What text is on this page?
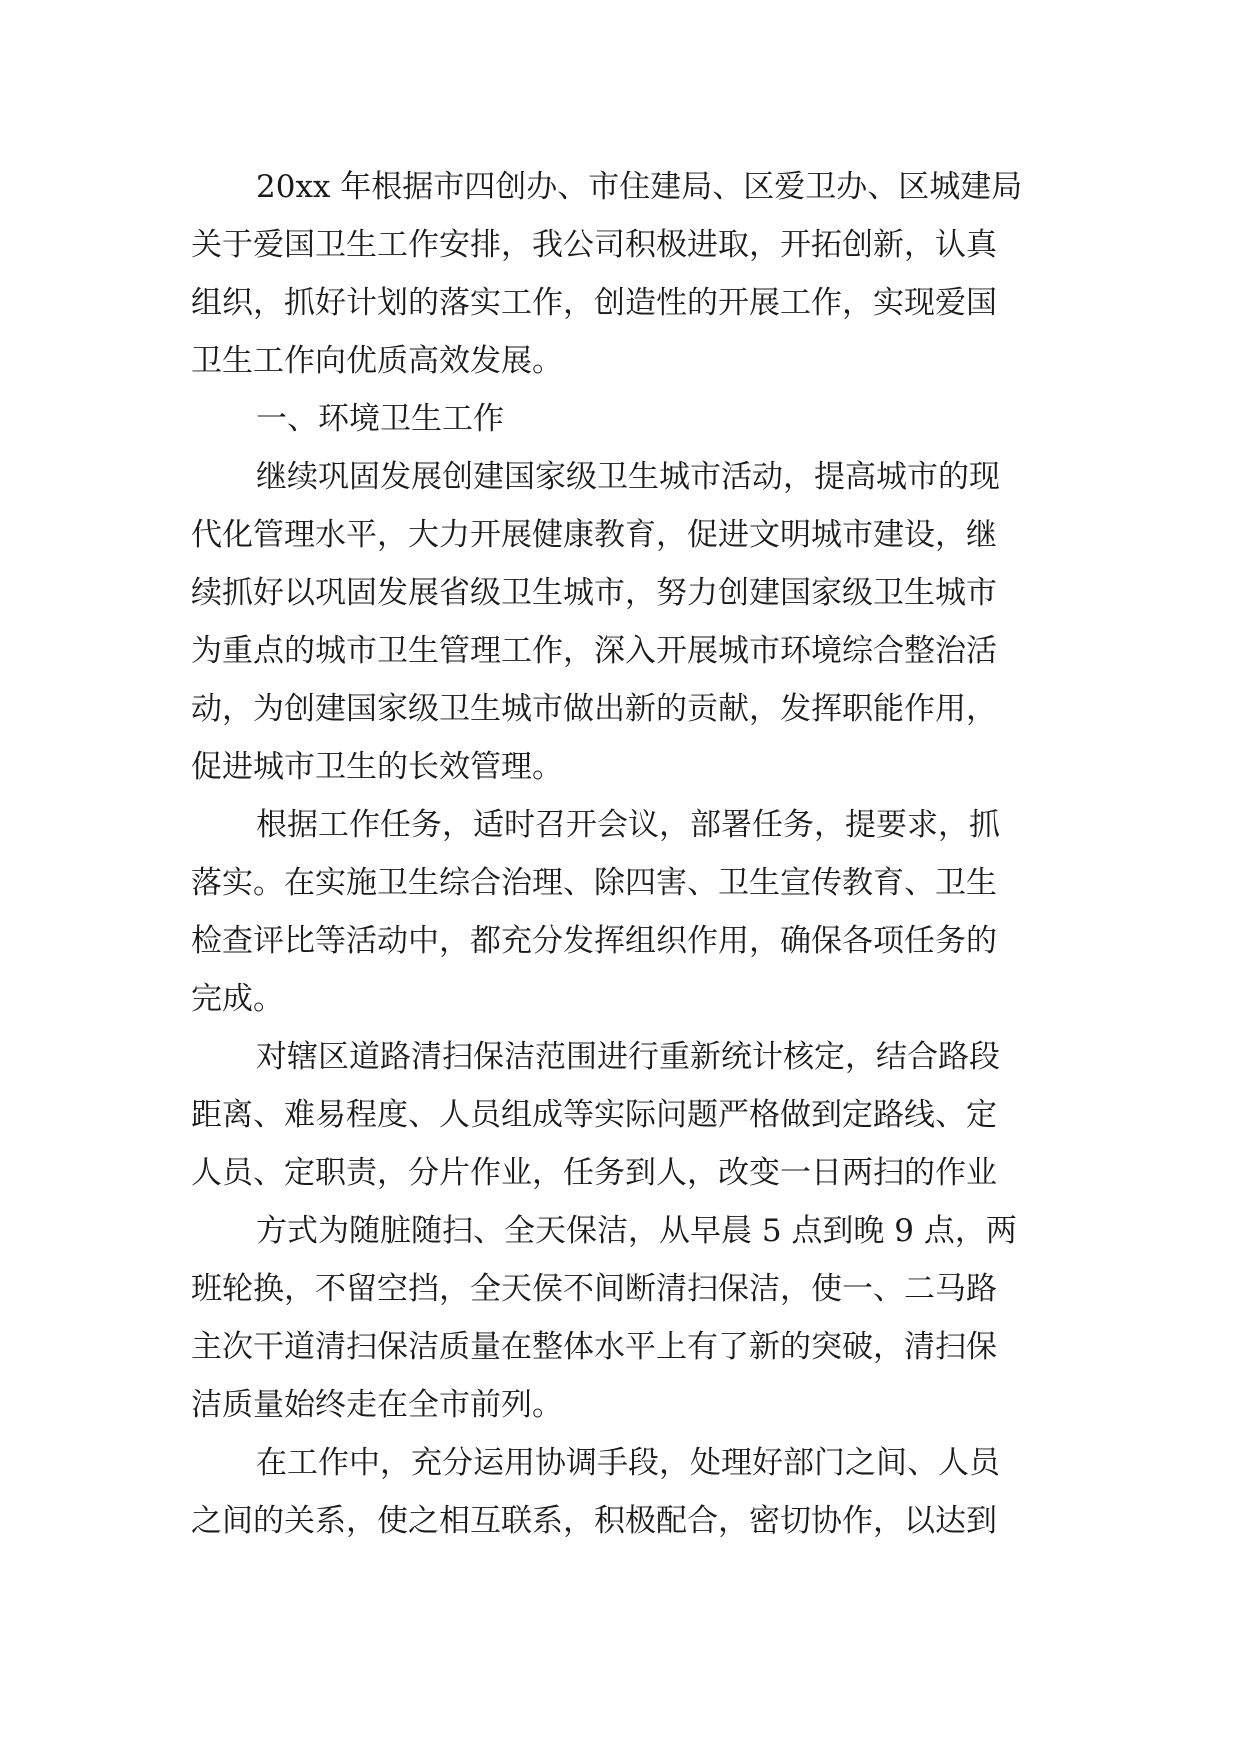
20xx 年根据市四创办、市住建局、区爱卫办、区城建局
关于爱国卫生工作安排，我公司积极进取，开拓创新，认真
组织，抓好计划的落实工作，创造性的开展工作，实现爱国
卫生工作向优质高效发展。
一、环境卫生工作
继续巩固发展创建国家级卫生城市活动，提高城市的现
代化管理水平，大力开展健康教育，促进文明城市建设，继
续抓好以巩固发展省级卫生城市，努力创建国家级卫生城市
为重点的城市卫生管理工作，深入开展城市环境综合整治活
动，为创建国家级卫生城市做出新的贡献，发挥职能作用，
促进城市卫生的长效管理。
根据工作任务，适时召开会议，部署任务，提要求，抓
落实。在实施卫生综合治理、除四害、卫生宣传教育、卫生
检查评比等活动中，都充分发挥组织作用，确保各项任务的
完成。
对辖区道路清扫保洁范围进行重新统计核定，结合路段
距离、难易程度、人员组成等实际问题严格做到定路线、定
人员、定职责，分片作业，任务到人，改变一日两扫的作业
方式为随脏随扫、全天保洁，从早晨 5 点到晚 9 点，两
班轮换，不留空挡，全天侯不间断清扫保洁，使一、二马路
主次干道清扫保洁质量在整体水平上有了新的突破，清扫保
洁质量始终走在全市前列。
在工作中，充分运用协调手段，处理好部门之间、人员
之间的关系，使之相互联系，积极配合，密切协作，以达到
